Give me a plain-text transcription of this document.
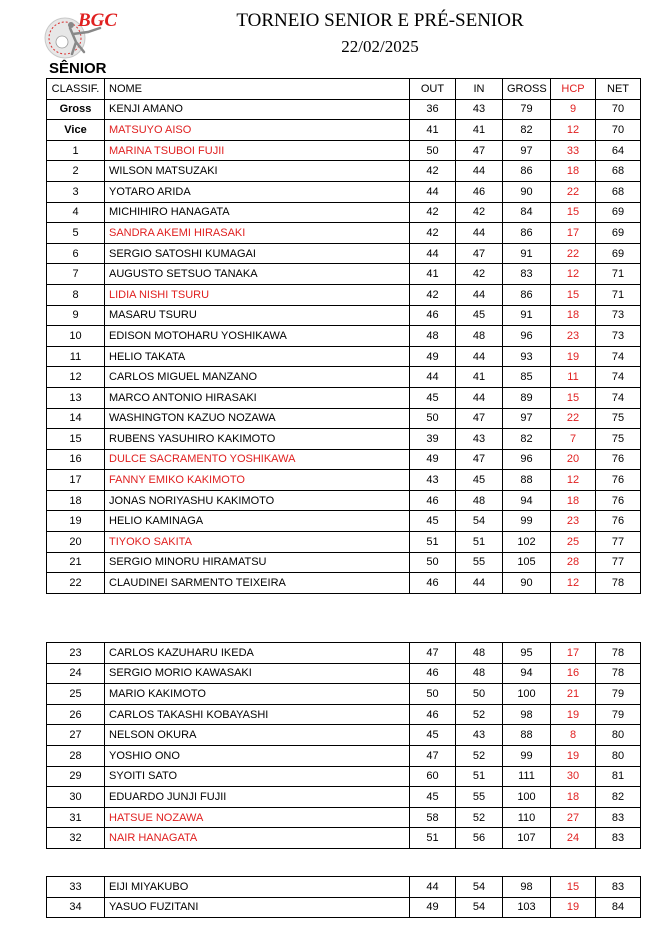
BGC	TORNEIO SENIOR E PRÉ-SENIOR
22/02/2025
SÊNIOR
CLASSIF.	NOME	OUT	IN	GROSS	HCP	NET
Gross	KENJI AMANO	36	43	79	9	70
Vice	MATSUYO AISO	41	41	82	12	70
1	MARINA TSUBOI FUJII	50	47	97	33	64
2	WILSON MATSUZAKI	42	44	86	18	68
3	YOTARO ARIDA	44	46	90	22	68
4	MICHIHIRO HANAGATA	42	42	84	15	69
5	SANDRA AKEMI HIRASAKI	42	44	86	17	69
6	SERGIO SATOSHI KUMAGAI	44	47	91	22	69
7	AUGUSTO SETSUO TANAKA	41	42	83	12	71
8	LIDIA NISHI TSURU	42	44	86	15	71
9	MASARU TSURU	46	45	91	18	73
10	EDISON MOTOHARU YOSHIKAWA	48	48	96	23	73
11	HELIO TAKATA	49	44	93	19	74
12	CARLOS MIGUEL MANZANO	44	41	85	11	74
13	MARCO ANTONIO HIRASAKI	45	44	89	15	74
14	WASHINGTON KAZUO NOZAWA	50	47	97	22	75
15	RUBENS YASUHIRO KAKIMOTO	39	43	82	7	75
16	DULCE SACRAMENTO YOSHIKAWA	49	47	96	20	76
17	FANNY EMIKO KAKIMOTO	43	45	88	12	76
18	JONAS NORIYASHU KAKIMOTO	46	48	94	18	76
19	HELIO KAMINAGA	45	54	99	23	76
20	TIYOKO SAKITA	51	51	102	25	77
21	SERGIO MINORU HIRAMATSU	50	55	105	28	77
22	CLAUDINEI SARMENTO TEIXEIRA	46	44	90	12	78
23	CARLOS KAZUHARU IKEDA	47	48	95	17	78
24	SERGIO MORIO KAWASAKI	46	48	94	16	78
25	MARIO KAKIMOTO	50	50	100	21	79
26	CARLOS TAKASHI KOBAYASHI	46	52	98	19	79
27	NELSON OKURA	45	43	88	8	80
28	YOSHIO ONO	47	52	99	19	80
29	SYOITI SATO	60	51	111	30	81
30	EDUARDO JUNJI FUJII	45	55	100	18	82
31	HATSUE NOZAWA	58	52	110	27	83
32	NAIR HANAGATA	51	56	107	24	83
33	EIJI MIYAKUBO	44	54	98	15	83
34	YASUO FUZITANI	49	54	103	19	84
